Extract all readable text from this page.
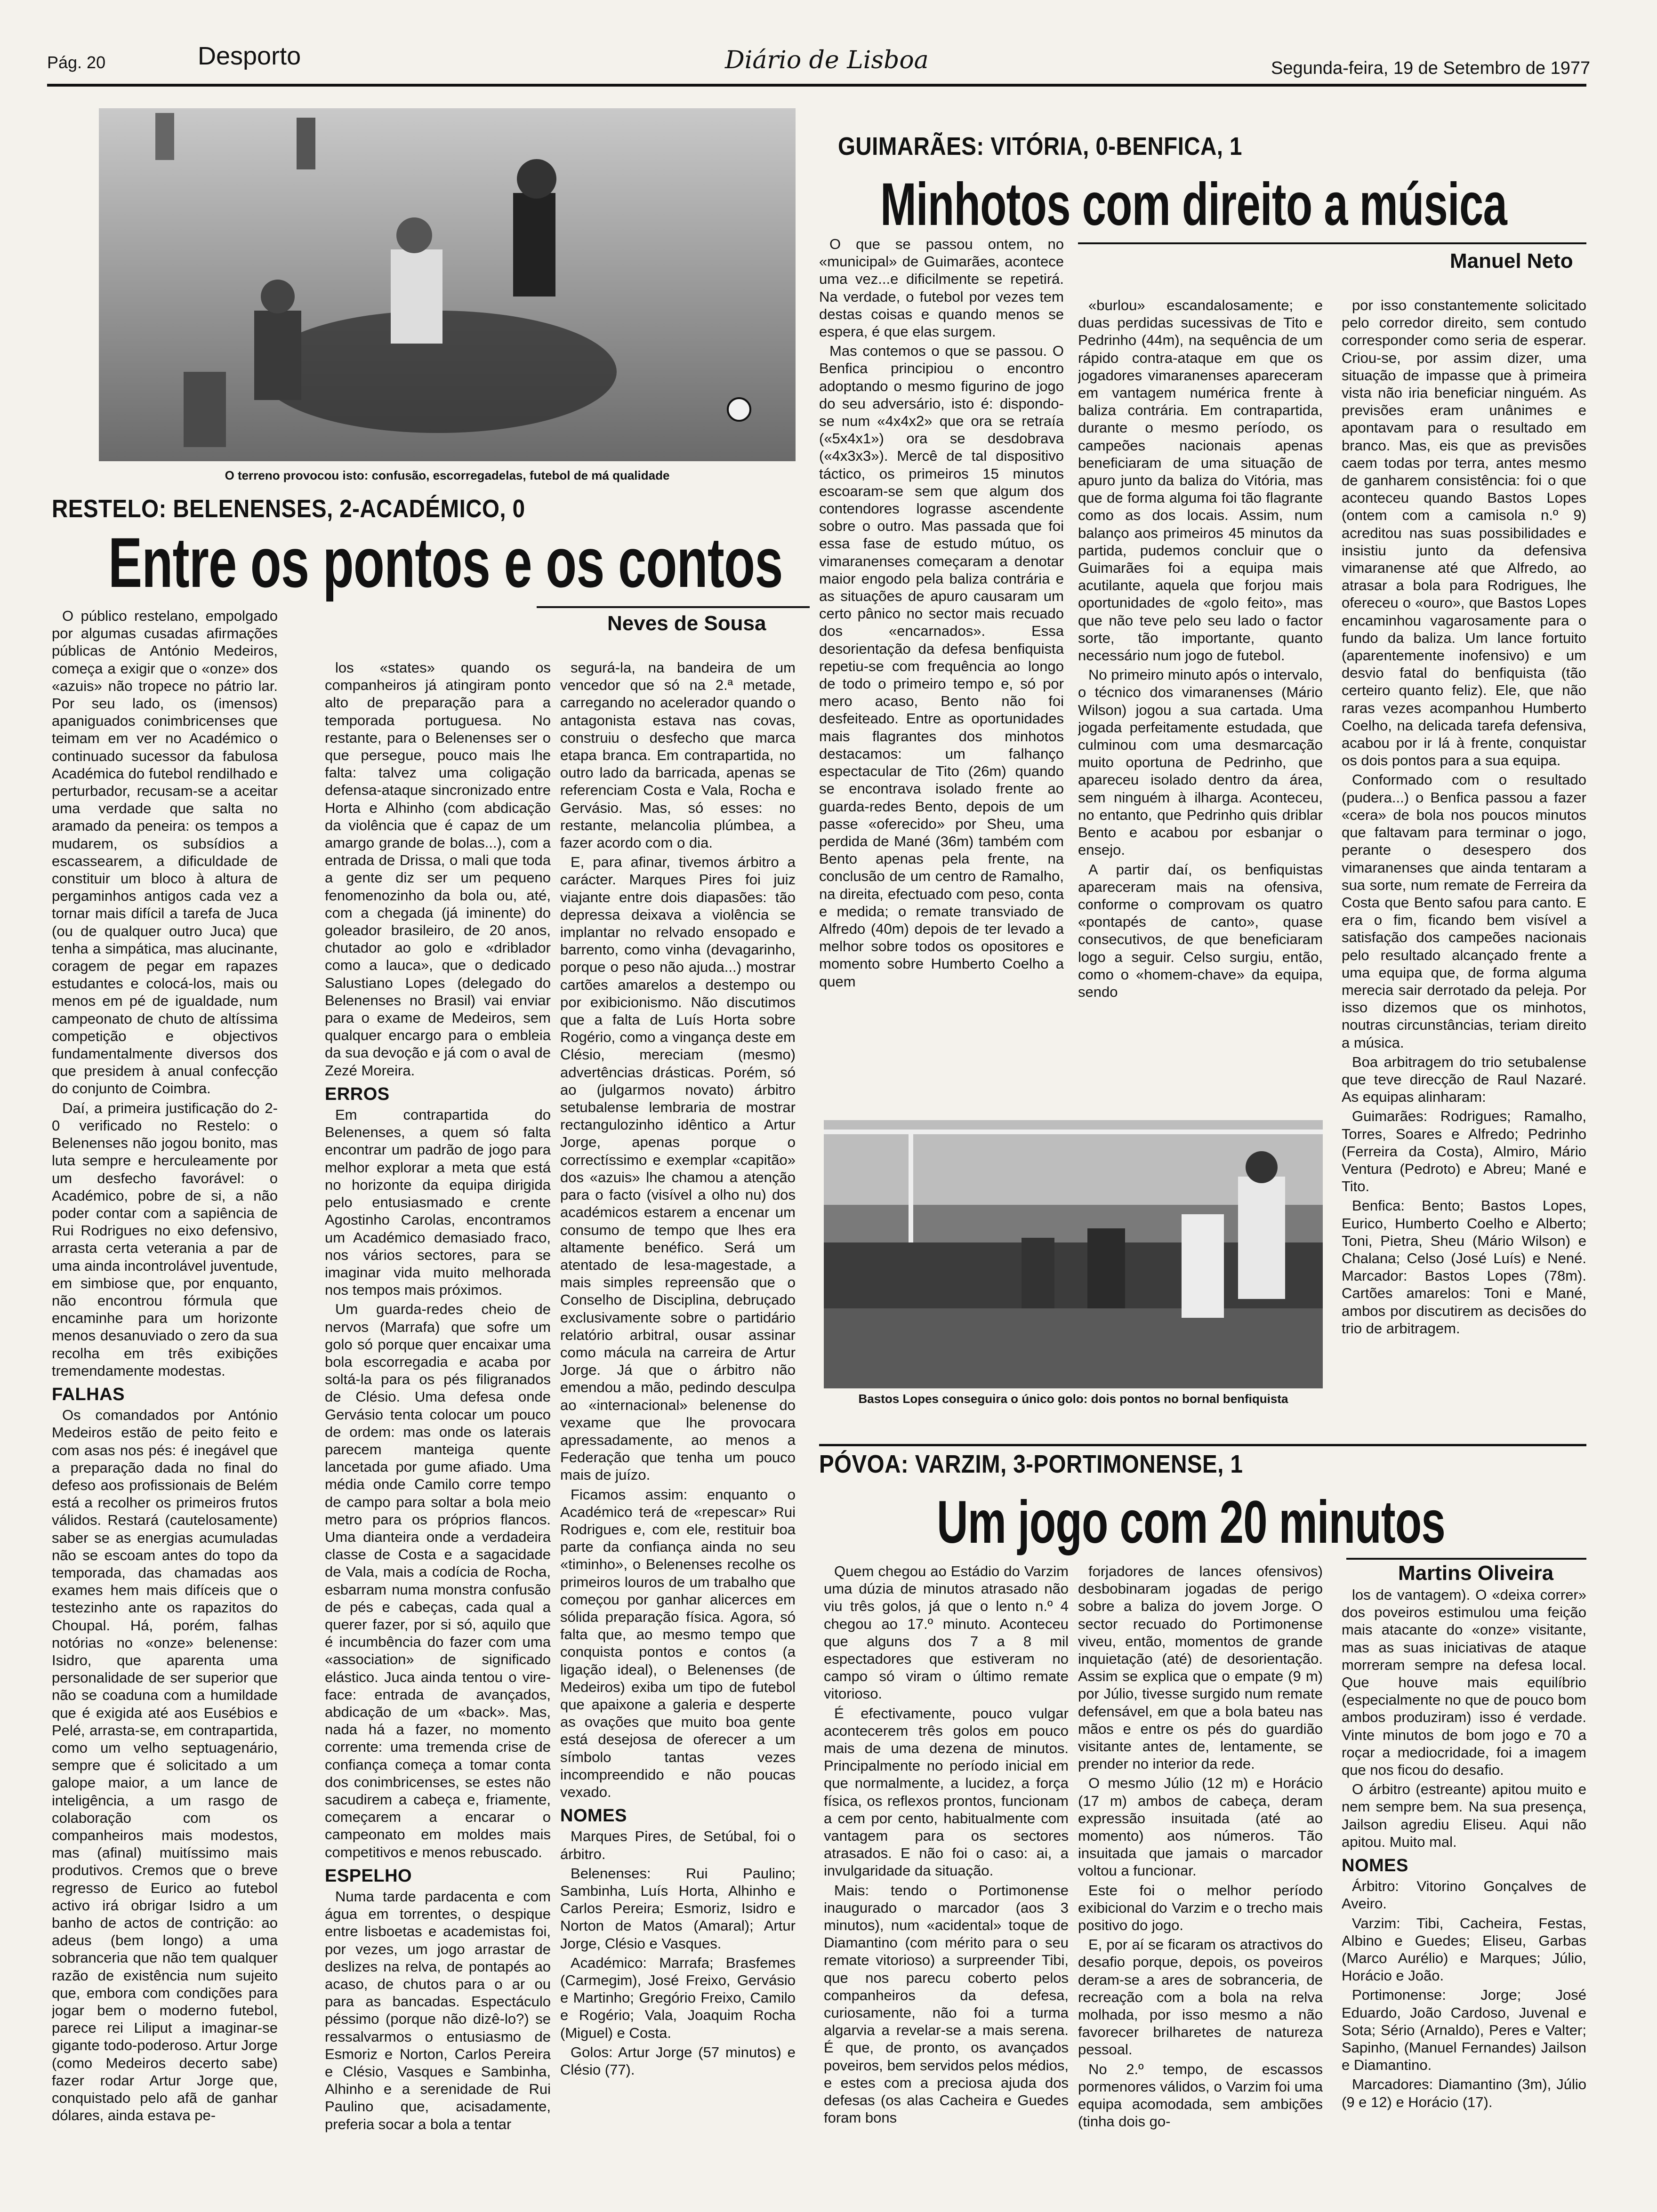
Pág. 20	Desporto	Diário de Lisboa	Segunda-feira, 19 de Setembro de 1977
O terreno provocou isto: confusão, escorregadelas, futebol de má qualidade
RESTELO: BELENENSES, 2-ACADÉMICO, 0
Entre os pontos e os contos
Neves de Sousa

O público restelano, empolgado por algumas cusadas afirmações públicas de António Medeiros, começa a exigir que o «onze» dos «azuis» não tropece no pátrio lar. Por seu lado, os (imensos) apaniguados conimbricenses que teimam em ver no Académico o continuado sucessor da fabulosa Académica do futebol rendilhado e perturbador, recusam-se a aceitar uma verdade que salta no aramado da peneira: os tempos a mudarem, os subsídios a escassearem, a dificuldade de constituir um bloco à altura de pergaminhos antigos cada vez a tornar mais difícil a tarefa de Juca (ou de qualquer outro Juca) que tenha a simpática, mas alucinante, coragem de pegar em rapazes estudantes e colocá-los, mais ou menos em pé de igualdade, num campeonato de chuto de altíssima competição e objectivos fundamentalmente diversos dos que presidem à anual confecção do conjunto de Coimbra.

Daí, a primeira justificação do 2-0 verificado no Restelo: o Belenenses não jogou bonito, mas luta sempre e herculeamente por um desfecho favorável: o Académico, pobre de si, a não poder contar com a sapiência de Rui Rodrigues no eixo defensivo, arrasta certa veterania a par de uma ainda incontrolável juventude, em simbiose que, por enquanto, não encontrou fórmula que encaminhe para um horizonte menos desanuviado o zero da sua recolha em três exibições tremendamente modestas.

FALHAS

Os comandados por António Medeiros estão de peito feito e com asas nos pés: é inegável que a preparação dada no final do defeso aos profissionais de Belém está a recolher os primeiros frutos válidos. Restará (cautelosamente) saber se as energias acumuladas não se escoam antes do topo da temporada, das chamadas aos exames hem mais difíceis que o testezinho ante os rapazitos do Choupal. Há, porém, falhas notórias no «onze» belenense: Isidro, que aparenta uma personalidade de ser superior que não se coaduna com a humildade que é exigida até aos Eusébios e Pelé, arrasta-se, em contrapartida, como um velho septuagenário, sempre que é solicitado a um galope maior, a um lance de inteligência, a um rasgo de colaboração com os companheiros mais modestos, mas (afinal) muitíssimo mais produtivos. Cremos que o breve regresso de Eurico ao futebol activo irá obrigar Isidro a um banho de actos de contrição: ao adeus (bem longo) a uma sobranceria que não tem qualquer razão de existência num sujeito que, embora com condições para jogar bem o moderno futebol, parece rei Liliput a imaginar-se gigante todo-poderoso. Artur Jorge (como Medeiros decerto sabe) fazer rodar Artur Jorge que, conquistado pelo afã de ganhar dólares, ainda estava pe-

los «states» quando os companheiros já atingiram ponto alto de preparação para a temporada portuguesa. No restante, para o Belenenses ser o que persegue, pouco mais lhe falta: talvez uma coligação defensa-ataque sincronizado entre Horta e Alhinho (com abdicação da violência que é capaz de um amargo grande de bolas...), com a entrada de Drissa, o mali que toda a gente diz ser um pequeno fenomenozinho da bola ou, até, com a chegada (já iminente) do goleador brasileiro, de 20 anos, chutador ao golo e «driblador como a lauca», que o dedicado Salustiano Lopes (delegado do Belenenses no Brasil) vai enviar para o exame de Medeiros, sem qualquer encargo para o embleia da sua devoção e já com o aval de Zezé Moreira.

ERROS

Em contrapartida do Belenenses, a quem só falta encontrar um padrão de jogo para melhor explorar a meta que está no horizonte da equipa dirigida pelo entusiasmado e crente Agostinho Carolas, encontramos um Académico demasiado fraco, nos vários sectores, para se imaginar vida muito melhorada nos tempos mais próximos.

Um guarda-redes cheio de nervos (Marrafa) que sofre um golo só porque quer encaixar uma bola escorregadia e acaba por soltá-la para os pés filigranados de Clésio. Uma defesa onde Gervásio tenta colocar um pouco de ordem: mas onde os laterais parecem manteiga quente lancetada por gume afiado. Uma média onde Camilo corre tempo de campo para soltar a bola meio metro para os próprios flancos. Uma dianteira onde a verdadeira classe de Costa e a sagacidade de Vala, mais a codícia de Rocha, esbarram numa monstra confusão de pés e cabeças, cada qual a querer fazer, por si só, aquilo que é incumbência do fazer com uma «association» de significado elástico. Juca ainda tentou o vire-face: entrada de avançados, abdicação de um «back». Mas, nada há a fazer, no momento corrente: uma tremenda crise de confiança começa a tomar conta dos conimbricenses, se estes não sacudirem a cabeça e, friamente, começarem a encarar o campeonato em moldes mais competitivos e menos rebuscado.

ESPELHO

Numa tarde pardacenta e com água em torrentes, o despique entre lisboetas e academistas foi, por vezes, um jogo arrastar de deslizes na relva, de pontapés ao acaso, de chutos para o ar ou para as bancadas. Espectáculo péssimo (porque não dizê-lo?) se ressalvarmos o entusiasmo de Esmoriz e Norton, Carlos Pereira e Clésio, Vasques e Sambinha, Alhinho e a serenidade de Rui Paulino que, acisadamente, preferia socar a bola a tentar

segurá-la, na bandeira de um vencedor que só na 2.ª metade, carregando no acelerador quando o antagonista estava nas covas, construiu o desfecho que marca etapa branca. Em contrapartida, no outro lado da barricada, apenas se referenciam Costa e Vala, Rocha e Gervásio. Mas, só esses: no restante, melancolia plúmbea, a fazer acordo com o dia.

E, para afinar, tivemos árbitro a carácter. Marques Pires foi juiz viajante entre dois diapasões: tão depressa deixava a violência se implantar no relvado ensopado e barrento, como vinha (devagarinho, porque o peso não ajuda...) mostrar cartões amarelos a destempo ou por exibicionismo. Não discutimos que a falta de Luís Horta sobre Rogério, como a vingança deste em Clésio, mereciam (mesmo) advertências drásticas. Porém, só ao (julgarmos novato) árbitro setubalense lembraria de mostrar rectangulozinho idêntico a Artur Jorge, apenas porque o correctíssimo e exemplar «capitão» dos «azuis» lhe chamou a atenção para o facto (visível a olho nu) dos académicos estarem a encenar um consumo de tempo que lhes era altamente benéfico. Será um atentado de lesa-magestade, a mais simples repreensão que o Conselho de Disciplina, debruçado exclusivamente sobre o partidário relatório arbitral, ousar assinar como mácula na carreira de Artur Jorge. Já que o árbitro não emendou a mão, pedindo desculpa ao «internacional» belenense do vexame que lhe provocara apressadamente, ao menos a Federação que tenha um pouco mais de juízo.

Ficamos assim: enquanto o Académico terá de «repescar» Rui Rodrigues e, com ele, restituir boa parte da confiança ainda no seu «timinho», o Belenenses recolhe os primeiros louros de um trabalho que começou por ganhar alicerces em sólida preparação física. Agora, só falta que, ao mesmo tempo que conquista pontos e contos (a ligação ideal), o Belenenses (de Medeiros) exiba um tipo de futebol que apaixone a galeria e desperte as ovações que muito boa gente está desejosa de oferecer a um símbolo tantas vezes incompreendido e não poucas vexado.

NOMES

Marques Pires, de Setúbal, foi o árbitro.

Belenenses: Rui Paulino; Sambinha, Luís Horta, Alhinho e Carlos Pereira; Esmoriz, Isidro e Norton de Matos (Amaral); Artur Jorge, Clésio e Vasques.

Académico: Marrafa; Brasfemes (Carmegim), José Freixo, Gervásio e Martinho; Gregório Freixo, Camilo e Rogério; Vala, Joaquim Rocha (Miguel) e Costa.

Golos: Artur Jorge (57 minutos) e Clésio (77).

GUIMARÃES: VITÓRIA, 0-BENFICA, 1
Minhotos com direito a música
Manuel Neto

O que se passou ontem, no «municipal» de Guimarães, acontece uma vez...e dificilmente se repetirá. Na verdade, o futebol por vezes tem destas coisas e quando menos se espera, é que elas surgem.

Mas contemos o que se passou. O Benfica principiou o encontro adoptando o mesmo figurino de jogo do seu adversário, isto é: dispondo-se num «4x4x2» que ora se retraía («5x4x1») ora se desdobrava («4x3x3»). Mercê de tal dispositivo táctico, os primeiros 15 minutos escoaram-se sem que algum dos contendores lograsse ascendente sobre o outro. Mas passada que foi essa fase de estudo mútuo, os vimaranenses começaram a denotar maior engodo pela baliza contrária e as situações de apuro causaram um certo pânico no sector mais recuado dos «encarnados». Essa desorientação da defesa benfiquista repetiu-se com frequência ao longo de todo o primeiro tempo e, só por mero acaso, Bento não foi desfeiteado. Entre as oportunidades mais flagrantes dos minhotos destacamos: um falhanço espectacular de Tito (26m) quando se encontrava isolado frente ao guarda-redes Bento, depois de um passe «oferecido» por Sheu, uma perdida de Mané (36m) também com Bento apenas pela frente, na conclusão de um centro de Ramalho, na direita, efectuado com peso, conta e medida; o remate transviado de Alfredo (40m) depois de ter levado a melhor sobre todos os opositores e momento sobre Humberto Coelho a quem

«burlou» escandalosamente; e duas perdidas sucessivas de Tito e Pedrinho (44m), na sequência de um rápido contra-ataque em que os jogadores vimaranenses apareceram em vantagem numérica frente à baliza contrária. Em contrapartida, durante o mesmo período, os campeões nacionais apenas beneficiaram de uma situação de apuro junto da baliza do Vitória, mas que de forma alguma foi tão flagrante como as dos locais. Assim, num balanço aos primeiros 45 minutos da partida, pudemos concluir que o Guimarães foi a equipa mais acutilante, aquela que forjou mais oportunidades de «golo feito», mas que não teve pelo seu lado o factor sorte, tão importante, quanto necessário num jogo de futebol.

No primeiro minuto após o intervalo, o técnico dos vimaranenses (Mário Wilson) jogou a sua cartada. Uma jogada perfeitamente estudada, que culminou com uma desmarcação muito oportuna de Pedrinho, que apareceu isolado dentro da área, sem ninguém à ilharga. Aconteceu, no entanto, que Pedrinho quis driblar Bento e acabou por esbanjar o ensejo.

A partir daí, os benfiquistas apareceram mais na ofensiva, conforme o comprovam os quatro «pontapés de canto», quase consecutivos, de que beneficiaram logo a seguir. Celso surgiu, então, como o «homem-chave» da equipa, sendo

por isso constantemente solicitado pelo corredor direito, sem contudo corresponder como seria de esperar. Criou-se, por assim dizer, uma situação de impasse que à primeira vista não iria beneficiar ninguém. As previsões eram unânimes e apontavam para o resultado em branco. Mas, eis que as previsões caem todas por terra, antes mesmo de ganharem consistência: foi o que aconteceu quando Bastos Lopes (ontem com a camisola n.º 9) acreditou nas suas possibilidades e insistiu junto da defensiva vimaranense até que Alfredo, ao atrasar a bola para Rodrigues, lhe ofereceu o «ouro», que Bastos Lopes encaminhou vagarosamente para o fundo da baliza. Um lance fortuito (aparentemente inofensivo) e um desvio fatal do benfiquista (tão certeiro quanto feliz). Ele, que não raras vezes acompanhou Humberto Coelho, na delicada tarefa defensiva, acabou por ir lá à frente, conquistar os dois pontos para a sua equipa.

Conformado com o resultado (pudera...) o Benfica passou a fazer «cera» de bola nos poucos minutos que faltavam para terminar o jogo, perante o desespero dos vimaranenses que ainda tentaram a sua sorte, num remate de Ferreira da Costa que Bento safou para canto. E era o fim, ficando bem visível a satisfação dos campeões nacionais pelo resultado alcançado frente a uma equipa que, de forma alguma merecia sair derrotado da peleja. Por isso dizemos que os minhotos, noutras circunstâncias, teriam direito a música.

Boa arbitragem do trio setubalense que teve direcção de Raul Nazaré. As equipas alinharam:

Guimarães: Rodrigues; Ramalho, Torres, Soares e Alfredo; Pedrinho (Ferreira da Costa), Almiro, Mário Ventura (Pedroto) e Abreu; Mané e Tito.

Benfica: Bento; Bastos Lopes, Eurico, Humberto Coelho e Alberto; Toni, Pietra, Sheu (Mário Wilson) e Chalana; Celso (José Luís) e Nené. Marcador: Bastos Lopes (78m). Cartões amarelos: Toni e Mané, ambos por discutirem as decisões do trio de arbitragem.

Bastos Lopes conseguira o único golo: dois pontos no bornal benfiquista
PÓVOA: VARZIM, 3-PORTIMONENSE, 1
Um jogo com 20 minutos
Martins Oliveira

Quem chegou ao Estádio do Varzim uma dúzia de minutos atrasado não viu três golos, já que o lento n.º 4 chegou ao 17.º minuto. Aconteceu que alguns dos 7 a 8 mil espectadores que estiveram no campo só viram o último remate vitorioso.

É efectivamente, pouco vulgar acontecerem três golos em pouco mais de uma dezena de minutos. Principalmente no período inicial em que normalmente, a lucidez, a força física, os reflexos prontos, funcionam a cem por cento, habitualmente com vantagem para os sectores atrasados. E não foi o caso: ai, a invulgaridade da situação.

Mais: tendo o Portimonense inaugurado o marcador (aos 3 minutos), num «acidental» toque de Diamantino (com mérito para o seu remate vitorioso) a surpreender Tibi, que nos parecu coberto pelos companheiros da defesa, curiosamente, não foi a turma algarvia a revelar-se a mais serena. É que, de pronto, os avançados poveiros, bem servidos pelos médios, e estes com a preciosa ajuda dos defesas (os alas Cacheira e Guedes foram bons

forjadores de lances ofensivos) desbobinaram jogadas de perigo sobre a baliza do jovem Jorge. O sector recuado do Portimonense viveu, então, momentos de grande inquietação (até) de desorientação. Assim se explica que o empate (9 m) por Júlio, tivesse surgido num remate defensável, em que a bola bateu nas mãos e entre os pés do guardião visitante antes de, lentamente, se prender no interior da rede.

O mesmo Júlio (12 m) e Horácio (17 m) ambos de cabeça, deram expressão insuitada (até ao momento) aos números. Tão insuitada que jamais o marcador voltou a funcionar.

Este foi o melhor período exibicional do Varzim e o trecho mais positivo do jogo.

E, por aí se ficaram os atractivos do desafio porque, depois, os poveiros deram-se a ares de sobranceria, de recreação com a bola na relva molhada, por isso mesmo a não favorecer brilharetes de natureza pessoal.

No 2.º tempo, de escassos pormenores válidos, o Varzim foi uma equipa acomodada, sem ambições (tinha dois go-

los de vantagem). O «deixa correr» dos poveiros estimulou uma feição mais atacante do «onze» visitante, mas as suas iniciativas de ataque morreram sempre na defesa local. Que houve mais equilíbrio (especialmente no que de pouco bom ambos produziram) isso é verdade. Vinte minutos de bom jogo e 70 a roçar a mediocridade, foi a imagem que nos ficou do desafio.

O árbitro (estreante) apitou muito e nem sempre bem. Na sua presença, Jailson agrediu Eliseu. Aqui não apitou. Muito mal.

NOMES

Árbitro: Vitorino Gonçalves de Aveiro.

Varzim: Tibi, Cacheira, Festas, Albino e Guedes; Eliseu, Garbas (Marco Aurélio) e Marques; Júlio, Horácio e João.

Portimonense: Jorge; José Eduardo, João Cardoso, Juvenal e Sota; Sério (Arnaldo), Peres e Valter; Sapinho, (Manuel Fernandes) Jailson e Diamantino.

Marcadores: Diamantino (3m), Júlio (9 e 12) e Horácio (17).
